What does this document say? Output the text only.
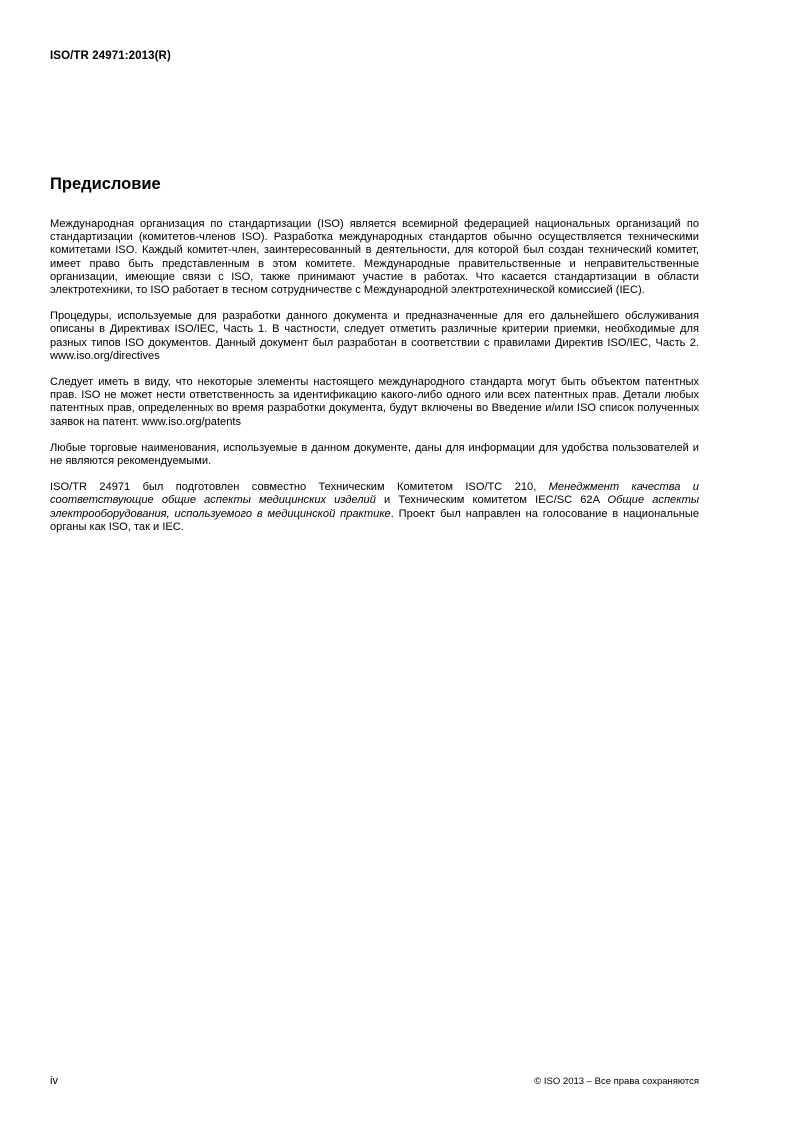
ISO/TR 24971:2013(R)
Предисловие

Международная организация по стандартизации (ISO) является всемирной федерацией национальных организаций по стандартизации (комитетов-членов ISO). Разработка международных стандартов обычно осуществляется техническими комитетами ISO. Каждый комитет-член, заинтересованный в деятельности, для которой был создан технический комитет, имеет право быть представленным в этом комитете. Международные правительственные и неправительственные организации, имеющие связи с ISO, также принимают участие в работах. Что касается стандартизации в области электротехники, то ISO работает в тесном сотрудничестве с Международной электротехнической комиссией (IEC).

Процедуры, используемые для разработки данного документа и предназначенные для его дальнейшего обслуживания описаны в Директивах ISO/IEC, Часть 1. В частности, следует отметить различные критерии приемки, необходимые для разных типов ISO документов. Данный документ был разработан в соответствии с правилами Директив ISO/IEC, Часть 2. www.iso.org/directives

Следует иметь в виду, что некоторые элементы настоящего международного стандарта могут быть объектом патентных прав. ISO не может нести ответственность за идентификацию какого-либо одного или всех патентных прав. Детали любых патентных прав, определенных во время разработки документа, будут включены во Введение и/или ISO список полученных заявок на патент. www.iso.org/patents

Любые торговые наименования, используемые в данном документе, даны для информации для удобства пользователей и не являются рекомендуемыми.

ISO/TR 24971 был подготовлен совместно Техническим Комитетом ISO/TC 210, Менеджмент качества и соответствующие общие аспекты медицинских изделий и Техническим комитетом IEC/SC 62A Общие аспекты электрооборудования, используемого в медицинской практике. Проект был направлен на голосование в национальные органы как ISO, так и IEC.

iv	© ISO 2013 – Все права сохраняются
